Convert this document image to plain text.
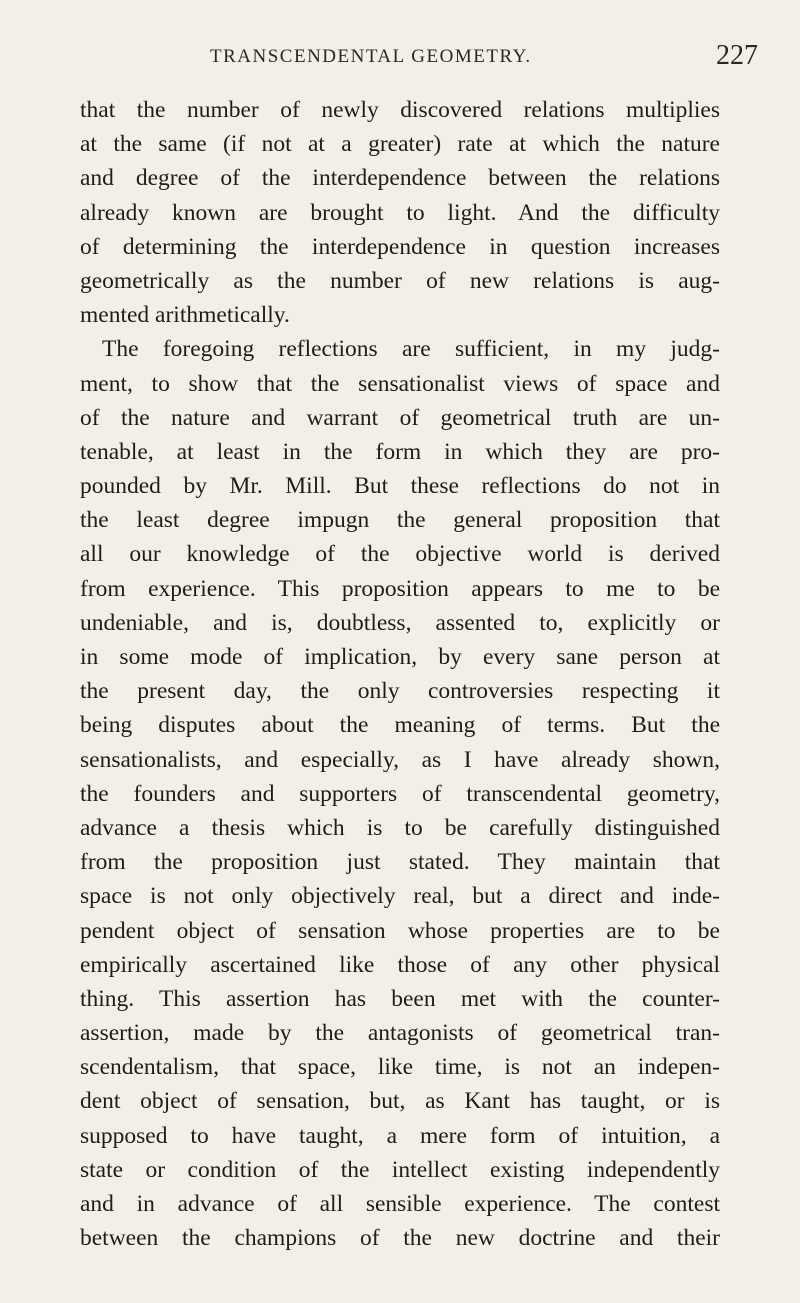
TRANSCENDENTAL GEOMETRY.	227
that the number of newly discovered relations multiplies
at the same (if not at a greater) rate at which the nature
and degree of the interdependence between the relations
already known are brought to light. And the difficulty
of determining the interdependence in question increases
geometrically as the number of new relations is aug-
mented arithmetically.
The foregoing reflections are sufficient, in my judg-
ment, to show that the sensationalist views of space and
of the nature and warrant of geometrical truth are un-
tenable, at least in the form in which they are pro-
pounded by Mr. Mill. But these reflections do not in
the least degree impugn the general proposition that
all our knowledge of the objective world is derived
from experience. This proposition appears to me to be
undeniable, and is, doubtless, assented to, explicitly or
in some mode of implication, by every sane person at
the present day, the only controversies respecting it
being disputes about the meaning of terms. But the
sensationalists, and especially, as I have already shown,
the founders and supporters of transcendental geometry,
advance a thesis which is to be carefully distinguished
from the proposition just stated. They maintain that
space is not only objectively real, but a direct and inde-
pendent object of sensation whose properties are to be
empirically ascertained like those of any other physical
thing. This assertion has been met with the counter-
assertion, made by the antagonists of geometrical tran-
scendentalism, that space, like time, is not an indepen-
dent object of sensation, but, as Kant has taught, or is
supposed to have taught, a mere form of intuition, a
state or condition of the intellect existing independently
and in advance of all sensible experience. The contest
between the champions of the new doctrine and their
